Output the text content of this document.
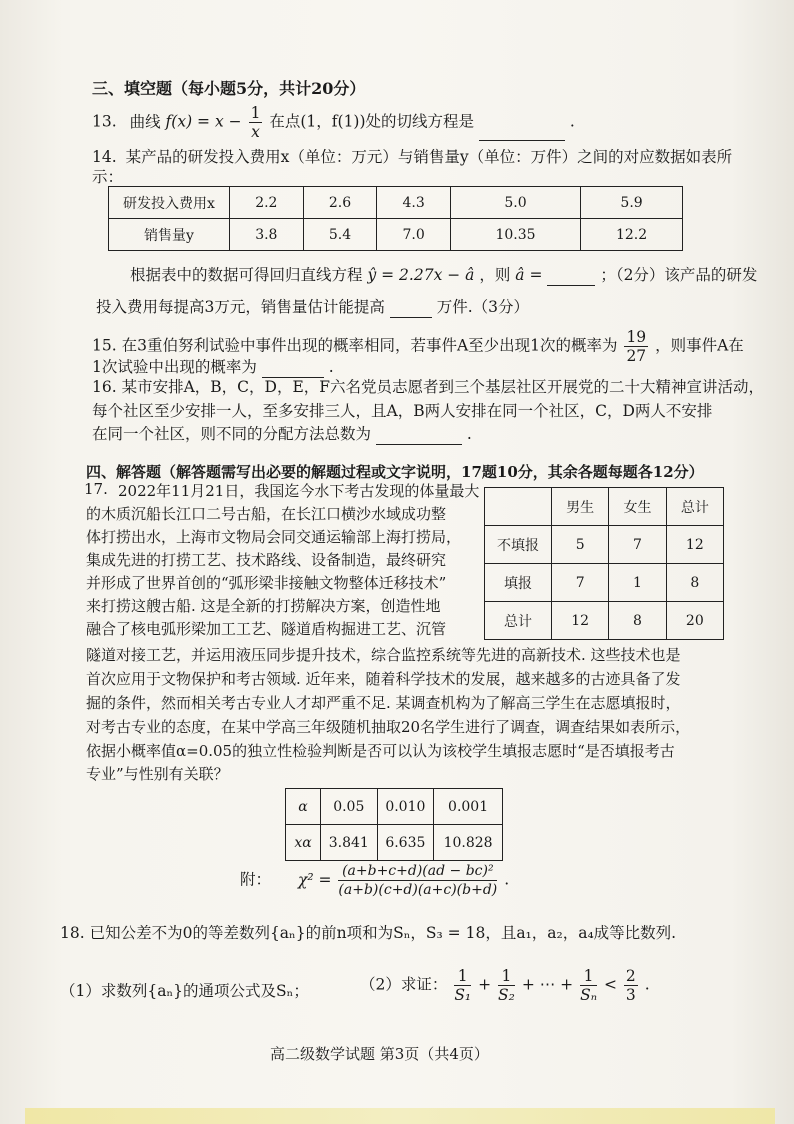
三、填空题（每小题5分，共计20分）
13. 曲线 $f(x) = x - \frac{1}{x}$ 在点(1，f(1))处的切线方程是	.
14. 某产品的研发投入费用x（单位：万元）与销售量y（单位：万件）之间的对应数据如表所
示：
研发投入费用x	2.2	2.6	4.3	5.0	5.9
销售量y	3.8	5.4	7.0	10.35	12.2
根据表中的数据可得回归直线方程 ŷ = 2.27x − â ，则 â =	；（2分）该产品的研发
投入费用每提高3万元，销售量估计能提高	万件.（3分）
15. 在3重伯努利试验中事件出现的概率相同，若事件A至少出现1次的概率为 $\frac{19}{27}$ ，则事件A在
1次试验中出现的概率为	.
16. 某市安排A，B，C，D，E，F六名党员志愿者到三个基层社区开展党的二十大精神宣讲活动，
每个社区至少安排一人，至多安排三人，且A，B两人安排在同一个社区，C，D两人不安排
在同一个社区，则不同的分配方法总数为	.
四、解答题（解答题需写出必要的解题过程或文字说明，17题10分，其余各题每题各12分）
17. 2022年11月21日，我国迄今水下考古发现的体量最大
的木质沉船长江口二号古船，在长江口横沙水域成功整
体打捞出水，上海市文物局会同交通运输部上海打捞局，
集成先进的打捞工艺、技术路线、设备制造，最终研究
并形成了世界首创的“弧形梁非接触文物整体迁移技术”
来打捞这艘古船. 这是全新的打捞解决方案，创造性地
融合了核电弧形梁加工工艺、隧道盾构掘进工艺、沉管
隧道对接工艺，并运用液压同步提升技术，综合监控系统等先进的高新技术. 这些技术也是
首次应用于文物保护和考古领域. 近年来，随着科学技术的发展，越来越多的古迹具备了发
掘的条件，然而相关考古专业人才却严重不足. 某调查机构为了解高三学生在志愿填报时，
对考古专业的态度，在某中学高三年级随机抽取20名学生进行了调查，调查结果如表所示，
依据小概率值α=0.05的独立性检验判断是否可以认为该校学生填报志愿时“是否填报考古
专业”与性别有关联？
	男生	女生	总计
不填报	5	7	12
填报	7	1	8
总计	12	8	20
α	0.05	0.010	0.001
xα	3.841	6.635	10.828
附： $\chi^2 = \frac{\text{(a+b+c+d)(ad − bc)²}}{(a+b)(c+d)(a+c)(b+d)}$ .
18. 已知公差不为0的等差数列{aₙ}的前n项和为Sₙ，S₃ = 18，且a₁，a₂，a₄成等比数列.
（1）求数列{aₙ}的通项公式及Sₙ；	（2）求证： $\frac{1}{\text{S₁}} + \frac{1}{\text{S₂}}$ + ⋯ + $\frac{1}{\text{Sₙ}} < \frac{2}{3}$ .
高二级数学试题 第3页（共4页）
